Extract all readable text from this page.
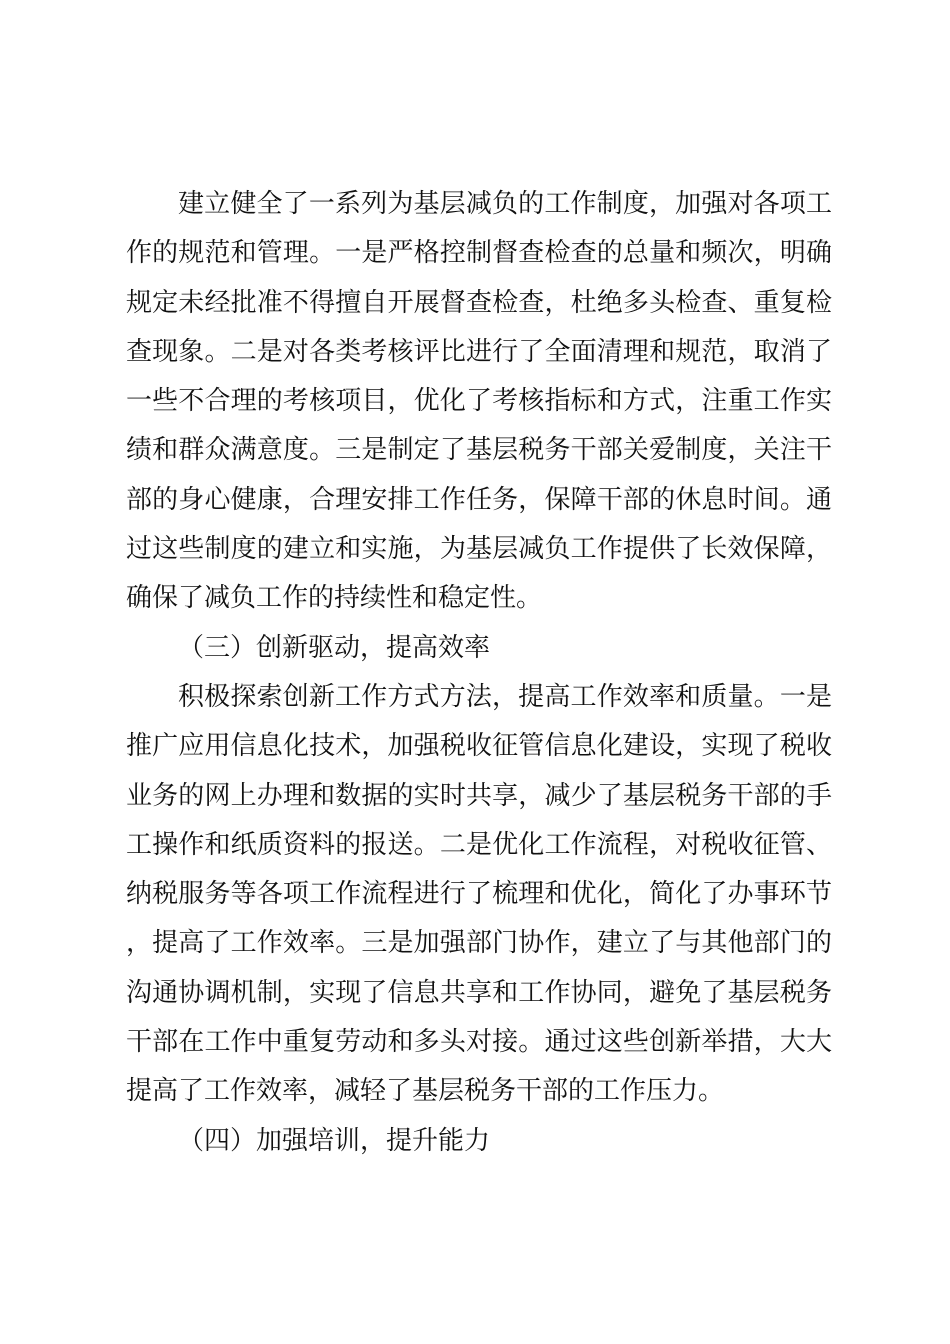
建立健全了一系列为基层减负的工作制度，加强对各项工作的规范和管理。一是严格控制督查检查的总量和频次，明确规定未经批准不得擅自开展督查检查，杜绝多头检查、重复检查现象。二是对各类考核评比进行了全面清理和规范，取消了一些不合理的考核项目，优化了考核指标和方式，注重工作实绩和群众满意度。三是制定了基层税务干部关爱制度，关注干部的身心健康，合理安排工作任务，保障干部的休息时间。通过这些制度的建立和实施，为基层减负工作提供了长效保障，确保了减负工作的持续性和稳定性。

（三）创新驱动，提高效率

积极探索创新工作方式方法，提高工作效率和质量。一是推广应用信息化技术，加强税收征管信息化建设，实现了税收业务的网上办理和数据的实时共享，减少了基层税务干部的手工操作和纸质资料的报送。二是优化工作流程，对税收征管、纳税服务等各项工作流程进行了梳理和优化，简化了办事环节，提高了工作效率。三是加强部门协作，建立了与其他部门的沟通协调机制，实现了信息共享和工作协同，避免了基层税务干部在工作中重复劳动和多头对接。通过这些创新举措，大大提高了工作效率，减轻了基层税务干部的工作压力。

（四）加强培训，提升能力
